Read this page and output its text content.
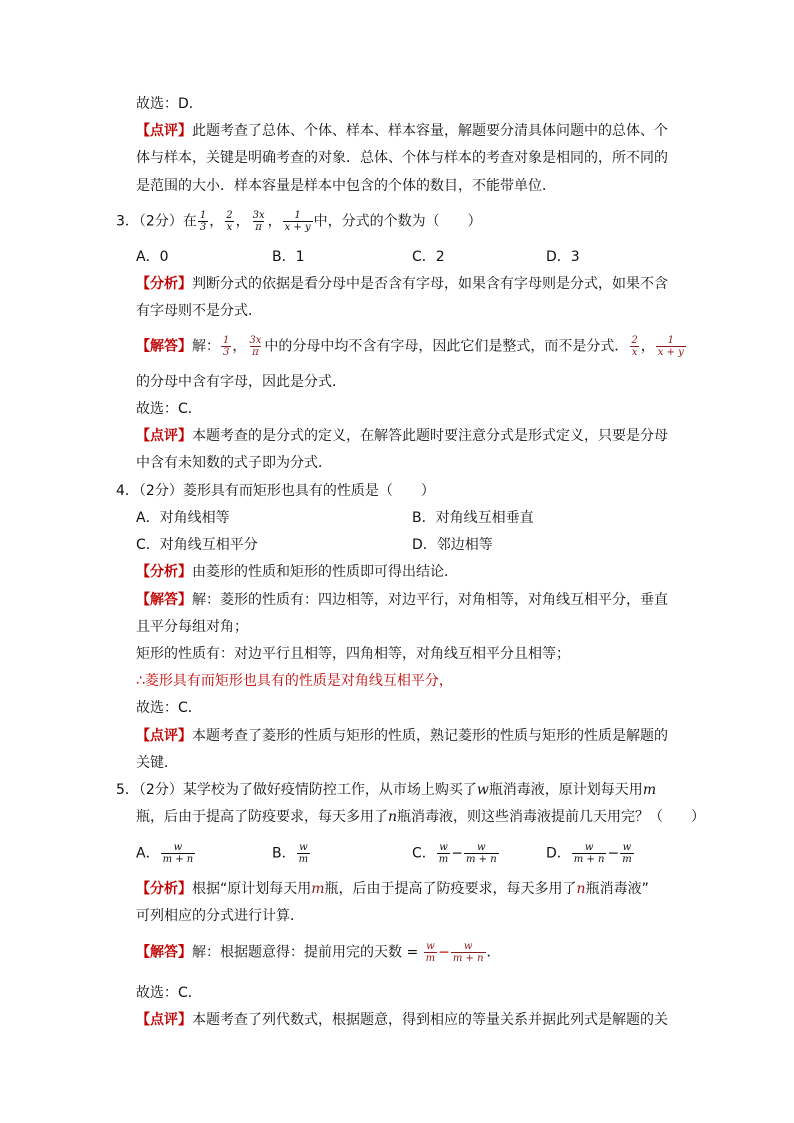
故选：D．
【点评】此题考查了总体、个体、样本、样本容量，解题要分清具体问题中的总体、个
体与样本，关键是明确考查的对象．总体、个体与样本的考查对象是相同的，所不同的
是范围的大小．样本容量是样本中包含的个体的数目，不能带单位．
3．（2分）在 $\frac{1}{3}$ ， $\frac{2}{x}$ ， $\frac{3x}{\pi}$ ， $\frac{1}{x + y}$ 中，分式的个数为（　　）
A．0	B．1	C．2	D．3
【分析】判断分式的依据是看分母中是否含有字母，如果含有字母则是分式，如果不含
有字母则不是分式．
【解答】解： $\frac{1}{3}$ ， $\frac{3x}{\pi}$ 中的分母中均不含有字母，因此它们是整式，而不是分式． $\frac{2}{x}$ ， $\frac{1}{x + y}$
的分母中含有字母，因此是分式．
故选：C．
【点评】本题考查的是分式的定义，在解答此题时要注意分式是形式定义，只要是分母
中含有未知数的式子即为分式．
4．（2分）菱形具有而矩形也具有的性质是（　　）
A．对角线相等	B．对角线互相垂直
C．对角线互相平分	D．邻边相等
【分析】由菱形的性质和矩形的性质即可得出结论．
【解答】解：菱形的性质有：四边相等，对边平行，对角相等，对角线互相平分，垂直
且平分每组对角；
矩形的性质有：对边平行且相等，四角相等，对角线互相平分且相等；
∴菱形具有而矩形也具有的性质是对角线互相平分，
故选：C．
【点评】本题考查了菱形的性质与矩形的性质，熟记菱形的性质与矩形的性质是解题的
关键．
5．（2分）某学校为了做好疫情防控工作，从市场上购买了w瓶消毒液，原计划每天用m
瓶，后由于提高了防疫要求，每天多用了n瓶消毒液，则这些消毒液提前几天用完？（　　）
A． $\frac{w}{m + n}$	B． $\frac{w}{m}$	C． $\frac{w}{m} - \frac{w}{m + n}$	D． $\frac{w}{m + n} - \frac{w}{m}$
【分析】根据“原计划每天用m瓶，后由于提高了防疫要求，每天多用了n瓶消毒液”
可列相应的分式进行计算．
【解答】解：根据题意得：提前用完的天数 = $\frac{w}{m} - \frac{w}{m + n}$ ．
故选：C．
【点评】本题考查了列代数式，根据题意，得到相应的等量关系并据此列式是解题的关
